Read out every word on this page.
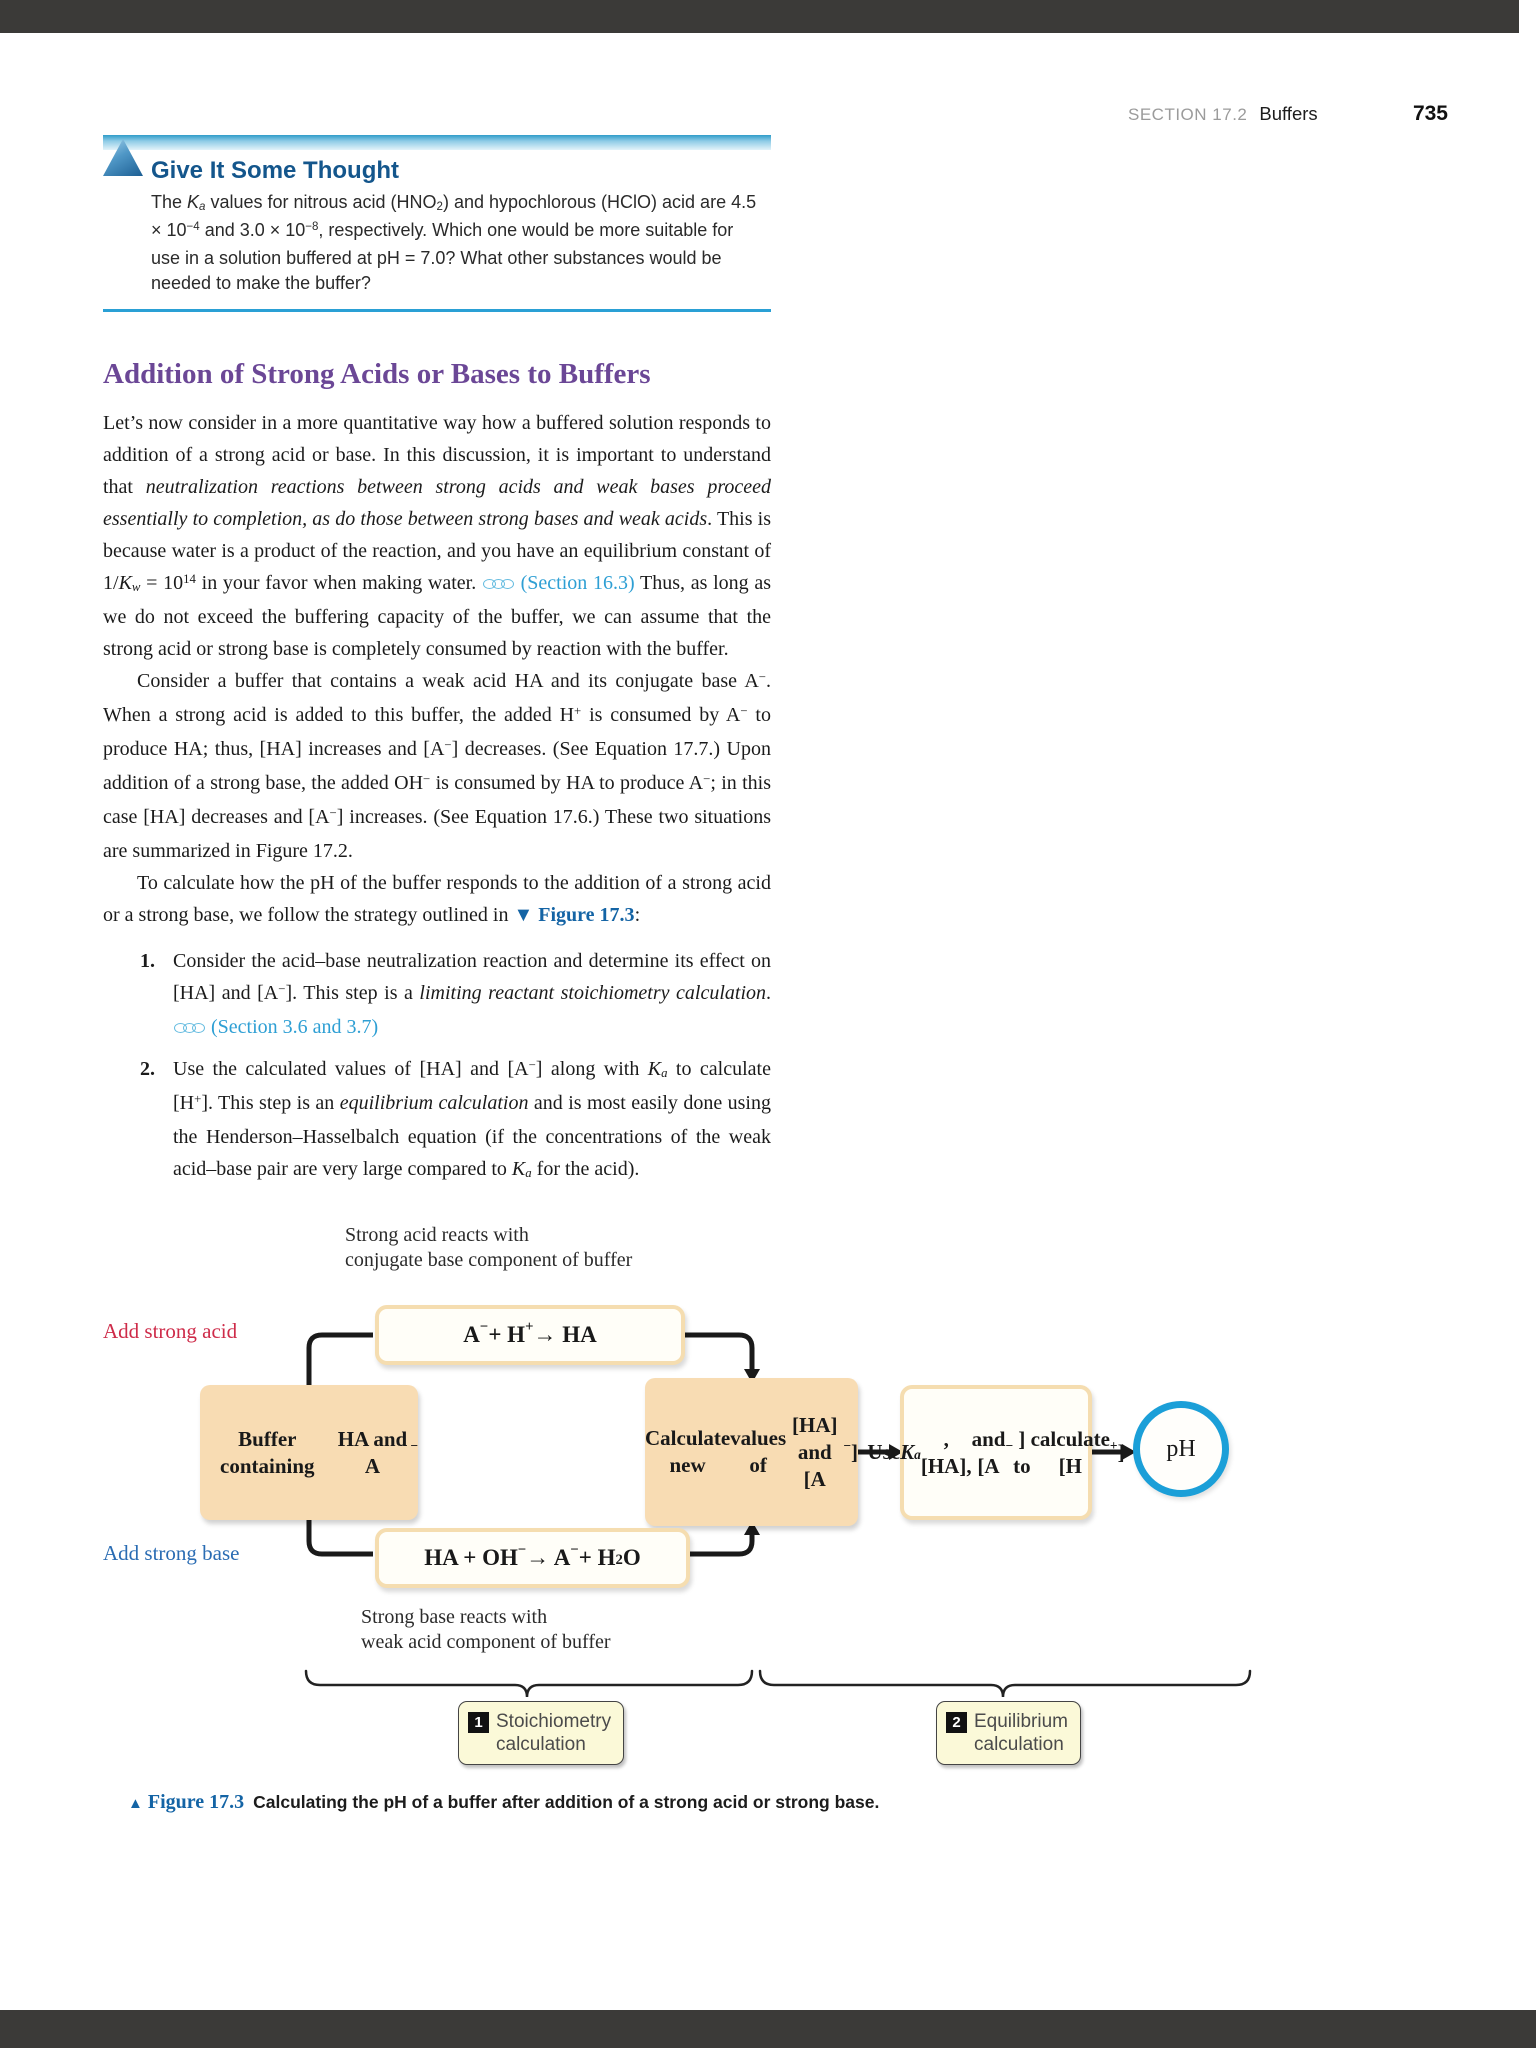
SECTION 17.2 Buffers	735
Give It Some Thought

The Ka values for nitrous acid (HNO2) and hypochlorous (HClO) acid are $4.5 \times 10^{-4}$ and $3.0 \times 10^{-8}$, respectively. Which one would be more suitable for use in a solution buffered at pH = 7.0? What other substances would be needed to make the buffer?

Addition of Strong Acids or Bases to Buffers

Let’s now consider in a more quantitative way how a buffered solution responds to addition of a strong acid or base. In this discussion, it is important to understand that neutralization reactions between strong acids and weak bases proceed essentially to completion, as do those between strong bases and weak acids. This is because water is a product of the reaction, and you have an equilibrium constant of $1/Kw = 10^{14}$ in your favor when making water.  (Section 16.3) Thus, as long as we do not exceed the buffering capacity of the buffer, we can assume that the strong acid or strong base is completely consumed by reaction with the buffer.

Consider a buffer that contains a weak acid HA and its conjugate base A−. When a strong acid is added to this buffer, the added H+ is consumed by A− to produce HA; thus, [HA] increases and [A−] decreases. (See Equation 17.7.) Upon addition of a strong base, the added OH− is consumed by HA to produce A−; in this case [HA] decreases and [A−] increases. (See Equation 17.6.) These two situations are summarized in Figure 17.2.

To calculate how the pH of the buffer responds to the addition of a strong acid or a strong base, we follow the strategy outlined in ▼ Figure 17.3:

1. Consider the acid–base neutralization reaction and determine its effect on [HA] and [A−]. This step is a limiting reactant stoichiometry calculation.  (Section 3.6 and 3.7)
2. Use the calculated values of [HA] and [A−] along with Ka to calculate [H+]. This step is an equilibrium calculation and is most easily done using the Henderson–Hasselbalch equation (if the concentrations of the weak acid–base pair are very large compared to Ka for the acid).
Strong acid reacts with
conjugate base component of buffer
Add strong acid	A − + H + → HA
Buffer containing

HA and A
−	Calculate new

values of

[HA] and [A
− ] Use K a
, [HA],

and [A
− ] to

calculate [H
+ ]	pH
HA + OH − → A − + H 2 O
Add strong base
Strong base reacts with
weak acid component of buffer
1 Stoichiometry
calculation
2 Equilibrium
calculation
▲ Figure 17.3 Calculating the pH of a buffer after addition of a strong acid or strong base.
